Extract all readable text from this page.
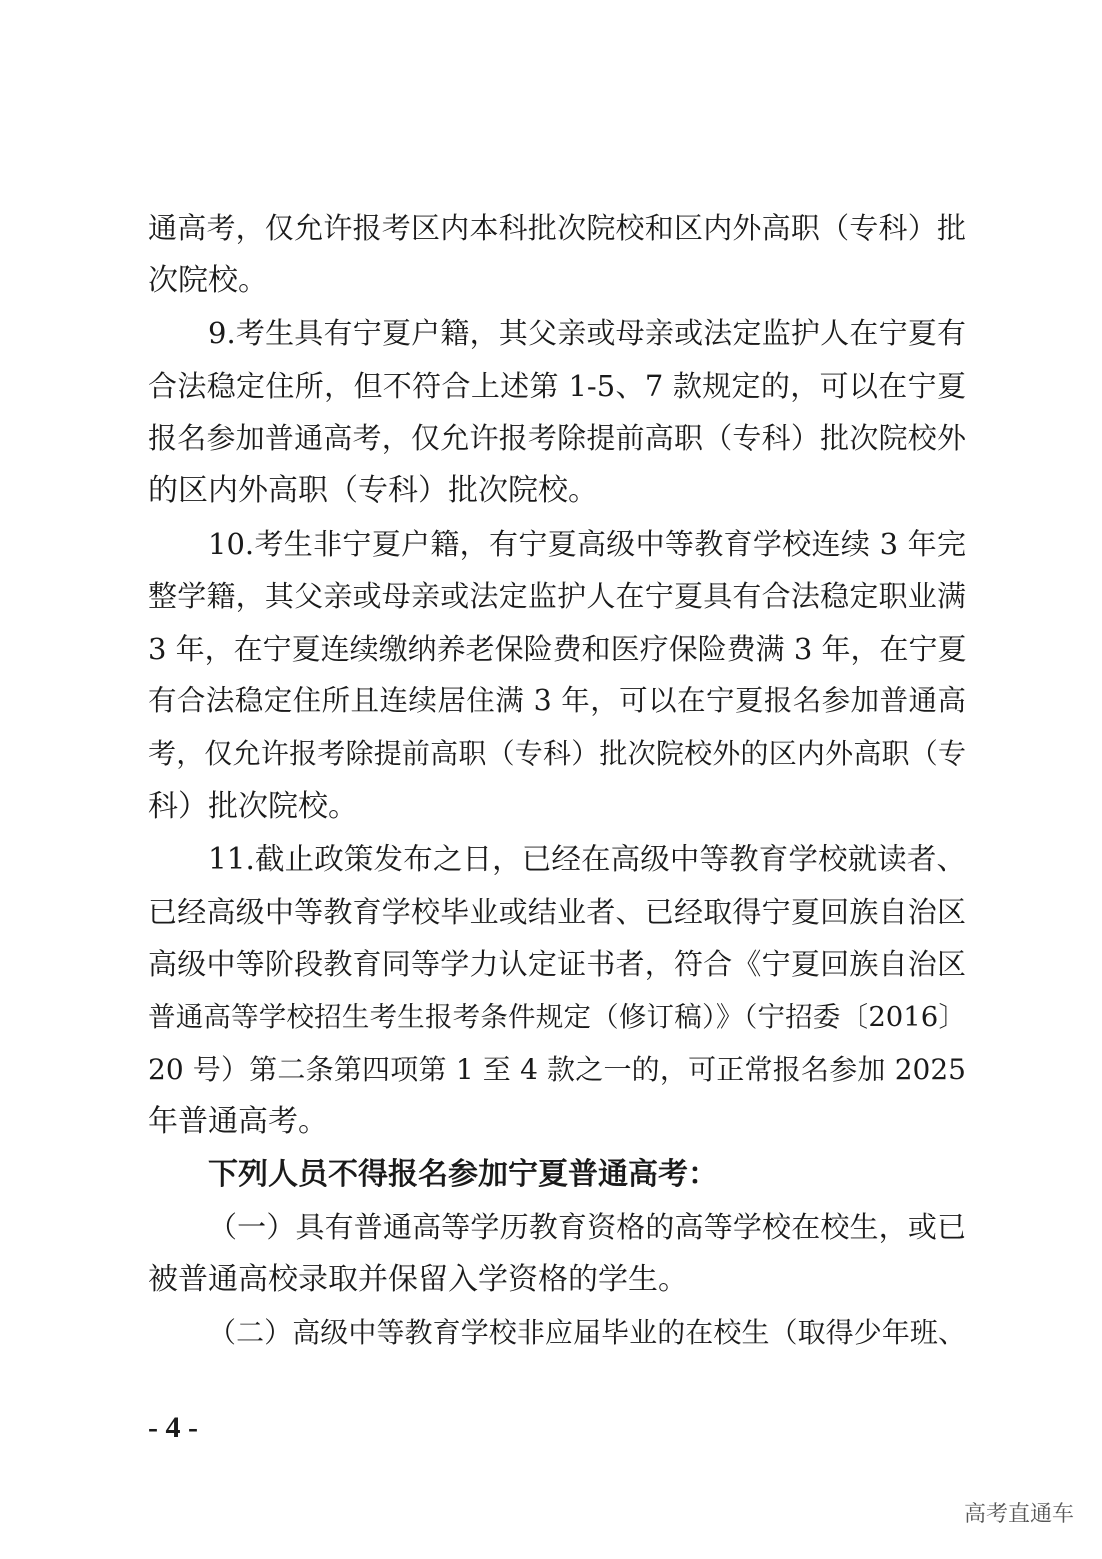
通高考，仅允许报考区内本科批次院校和区内外高职（专科）批
次院校。
9.考生具有宁夏户籍，其父亲或母亲或法定监护人在宁夏有
合法稳定住所，但不符合上述第 1-5、7 款规定的，可以在宁夏
报名参加普通高考，仅允许报考除提前高职（专科）批次院校外
的区内外高职（专科）批次院校。
10.考生非宁夏户籍，有宁夏高级中等教育学校连续 3 年完
整学籍，其父亲或母亲或法定监护人在宁夏具有合法稳定职业满
3 年，在宁夏连续缴纳养老保险费和医疗保险费满 3 年，在宁夏
有合法稳定住所且连续居住满 3 年，可以在宁夏报名参加普通高
考，仅允许报考除提前高职（专科）批次院校外的区内外高职（专
科）批次院校。
11.截止政策发布之日，已经在高级中等教育学校就读者、
已经高级中等教育学校毕业或结业者、已经取得宁夏回族自治区
高级中等阶段教育同等学力认定证书者，符合《宁夏回族自治区
普通高等学校招生考生报考条件规定（修订稿）》（宁招委〔2016〕
20 号）第二条第四项第 1 至 4 款之一的，可正常报名参加 2025
年普通高考。
下列人员不得报名参加宁夏普通高考：
（一）具有普通高等学历教育资格的高等学校在校生，或已
被普通高校录取并保留入学资格的学生。
（二）高级中等教育学校非应届毕业的在校生（取得少年班、
- 4 -
高考直通车
